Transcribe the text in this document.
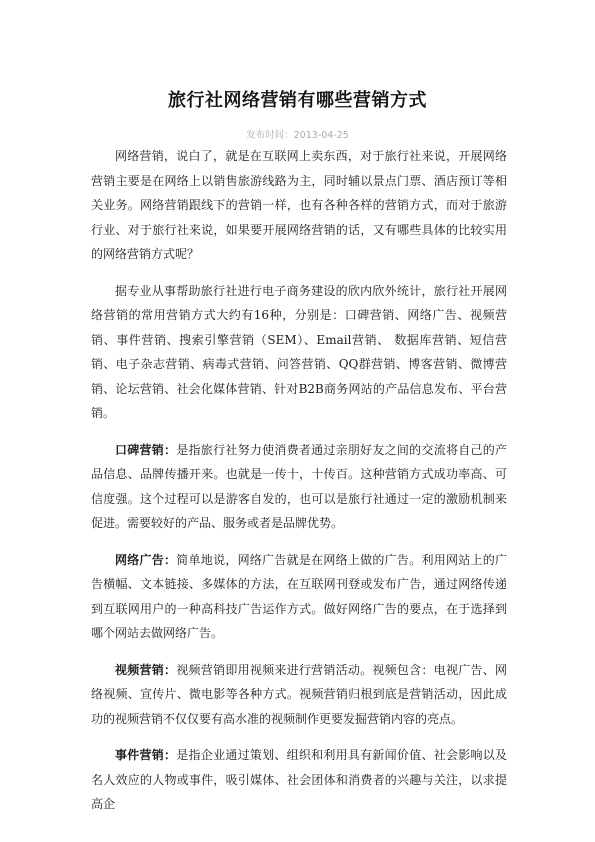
旅行社网络营销有哪些营销方式
发布时间：2013-04-25

网络营销，说白了，就是在互联网上卖东西，对于旅行社来说，开展网络营销主要是在网络上以销售旅游线路为主，同时辅以景点门票、酒店预订等相关业务。网络营销跟线下的营销一样，也有各种各样的营销方式，而对于旅游行业、对于旅行社来说，如果要开展网络营销的话，又有哪些具体的比较实用的网络营销方式呢？

据专业从事帮助旅行社进行电子商务建设的欣内欣外统计，旅行社开展网络营销的常用营销方式大约有16种，分别是：口碑营销、网络广告、视频营销、事件营销、搜索引擎营销（SEM）、Email营销、 数据库营销、短信营销、电子杂志营销、病毒式营销、问答营销、QQ群营销、博客营销、微博营销、论坛营销、社会化媒体营销、针对B2B商务网站的产品信息发布、平台营销。

口碑营销：是指旅行社努力使消费者通过亲朋好友之间的交流将自己的产品信息、品牌传播开来。也就是一传十，十传百。这种营销方式成功率高、可信度强。这个过程可以是游客自发的，也可以是旅行社通过一定的激励机制来促进。需要较好的产品、服务或者是品牌优势。

网络广告：简单地说，网络广告就是在网络上做的广告。利用网站上的广告横幅、文本链接、多媒体的方法，在互联网刊登或发布广告，通过网络传递到互联网用户的一种高科技广告运作方式。做好网络广告的要点，在于选择到哪个网站去做网络广告。

视频营销：视频营销即用视频来进行营销活动。视频包含：电视广告、网络视频、宣传片、微电影等各种方式。视频营销归根到底是营销活动，因此成功的视频营销不仅仅要有高水准的视频制作更要发掘营销内容的亮点。

事件营销：是指企业通过策划、组织和利用具有新闻价值、社会影响以及名人效应的人物或事件，吸引媒体、社会团体和消费者的兴趣与关注，以求提高企
